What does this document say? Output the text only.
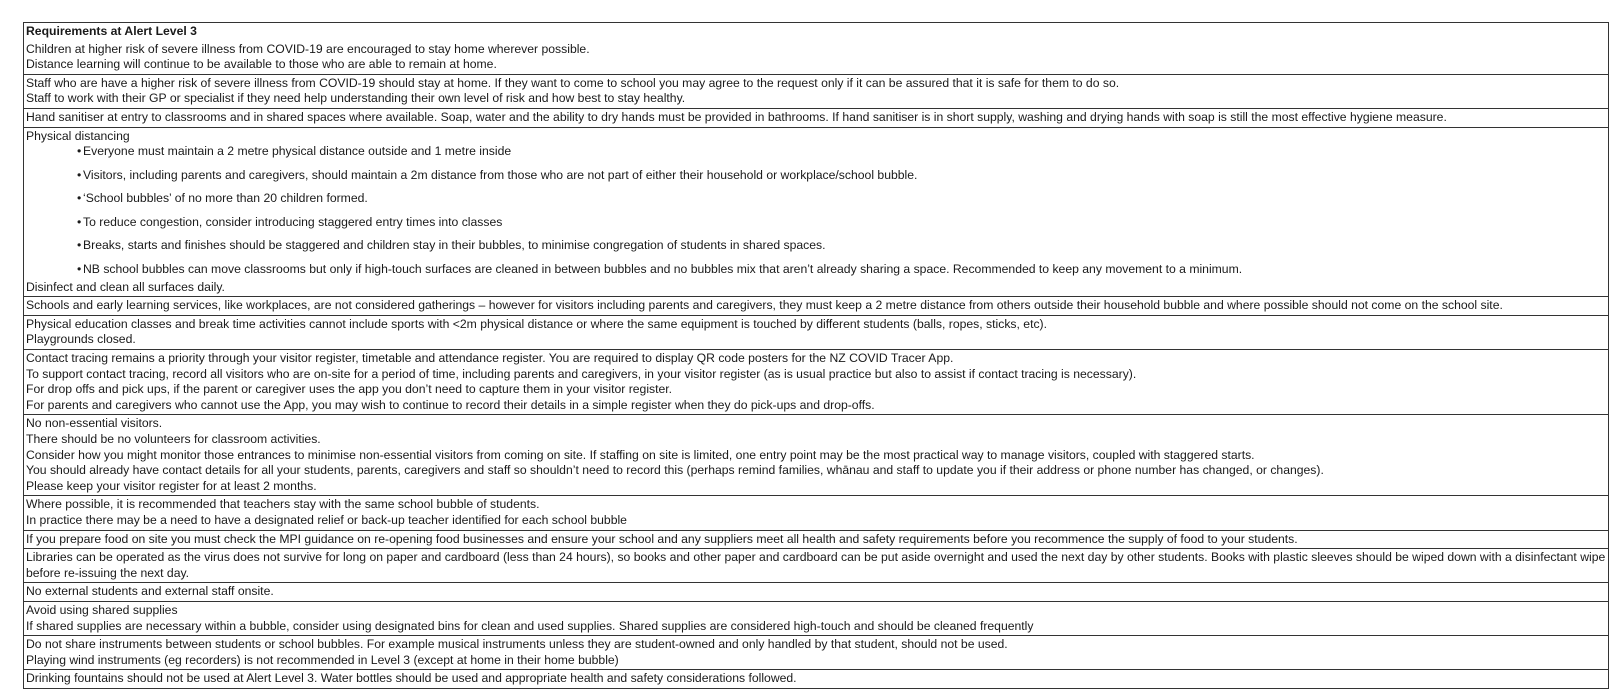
Requirements at Alert Level 3
Children at higher risk of severe illness from COVID-19 are encouraged to stay home wherever possible.
Distance learning will continue to be available to those who are able to remain at home.
Staff who are have a higher risk of severe illness from COVID-19 should stay at home. If they want to come to school you may agree to the request only if it can be assured that it is safe for them to do so.
Staff to work with their GP or specialist if they need help understanding their own level of risk and how best to stay healthy.
Hand sanitiser at entry to classrooms and in shared spaces where available. Soap, water and the ability to dry hands must be provided in bathrooms. If hand sanitiser is in short supply, washing and drying hands with soap is still the most effective hygiene measure.
Physical distancing
• Everyone must maintain a 2 metre physical distance outside and 1 metre inside
• Visitors, including parents and caregivers, should maintain a 2m distance from those who are not part of either their household or workplace/school bubble.
• ‘School bubbles’ of no more than 20 children formed.
• To reduce congestion, consider introducing staggered entry times into classes
• Breaks, starts and finishes should be staggered and children stay in their bubbles, to minimise congregation of students in shared spaces.
• NB school bubbles can move classrooms but only if high-touch surfaces are cleaned in between bubbles and no bubbles mix that aren’t already sharing a space. Recommended to keep any movement to a minimum.
Disinfect and clean all surfaces daily.
Schools and early learning services, like workplaces, are not considered gatherings – however for visitors including parents and caregivers, they must keep a 2 metre distance from others outside their household bubble and where possible should not come on the school site.
Physical education classes and break time activities cannot include sports with <2m physical distance or where the same equipment is touched by different students (balls, ropes, sticks, etc).
Playgrounds closed.
Contact tracing remains a priority through your visitor register, timetable and attendance register. You are required to display QR code posters for the NZ COVID Tracer App.
To support contact tracing, record all visitors who are on-site for a period of time, including parents and caregivers, in your visitor register (as is usual practice but also to assist if contact tracing is necessary).
For drop offs and pick ups, if the parent or caregiver uses the app you don’t need to capture them in your visitor register.
For parents and caregivers who cannot use the App, you may wish to continue to record their details in a simple register when they do pick-ups and drop-offs.
No non-essential visitors.
There should be no volunteers for classroom activities.
Consider how you might monitor those entrances to minimise non-essential visitors from coming on site. If staffing on site is limited, one entry point may be the most practical way to manage visitors, coupled with staggered starts.
You should already have contact details for all your students, parents, caregivers and staff so shouldn’t need to record this (perhaps remind families, whānau and staff to update you if their address or phone number has changed, or changes).
Please keep your visitor register for at least 2 months.
Where possible, it is recommended that teachers stay with the same school bubble of students.
In practice there may be a need to have a designated relief or back-up teacher identified for each school bubble
If you prepare food on site you must check the MPI guidance on re-opening food businesses and ensure your school and any suppliers meet all health and safety requirements before you recommence the supply of food to your students.
Libraries can be operated as the virus does not survive for long on paper and cardboard (less than 24 hours), so books and other paper and cardboard can be put aside overnight and used the next day by other students. Books with plastic sleeves should be wiped down with a disinfectant wipe before re-issuing the next day.
No external students and external staff onsite.
Avoid using shared supplies
If shared supplies are necessary within a bubble, consider using designated bins for clean and used supplies. Shared supplies are considered high-touch and should be cleaned frequently
Do not share instruments between students or school bubbles. For example musical instruments unless they are student-owned and only handled by that student, should not be used.
Playing wind instruments (eg recorders) is not recommended in Level 3 (except at home in their home bubble)
Drinking fountains should not be used at Alert Level 3. Water bottles should be used and appropriate health and safety considerations followed.
